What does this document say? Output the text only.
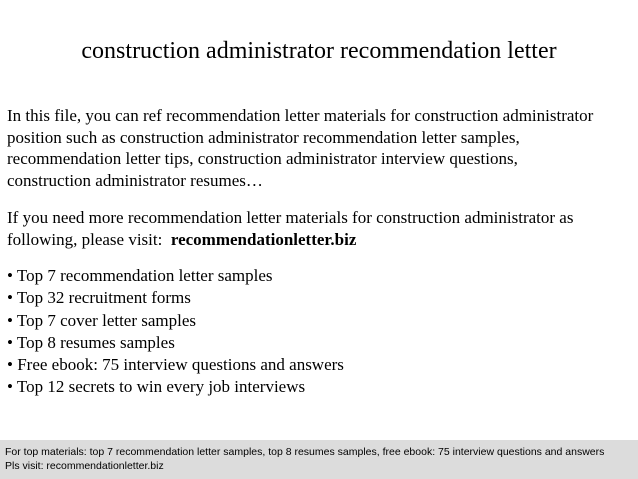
construction administrator recommendation letter

In this file, you can ref recommendation letter materials for construction administrator

position such as construction administrator recommendation letter samples,

recommendation letter tips, construction administrator interview questions,

construction administrator resumes…

If you need more recommendation letter materials for construction administrator as

following, please visit:  recommendationletter.biz

• Top 7 recommendation letter samples
• Top 32 recruitment forms
• Top 7 cover letter samples
• Top 8 resumes samples
• Free ebook: 75 interview questions and answers
• Top 12 secrets to win every job interviews
For top materials: top 7 recommendation letter samples, top 8 resumes samples, free ebook: 75 interview questions and answers
Pls visit: recommendationletter.biz
